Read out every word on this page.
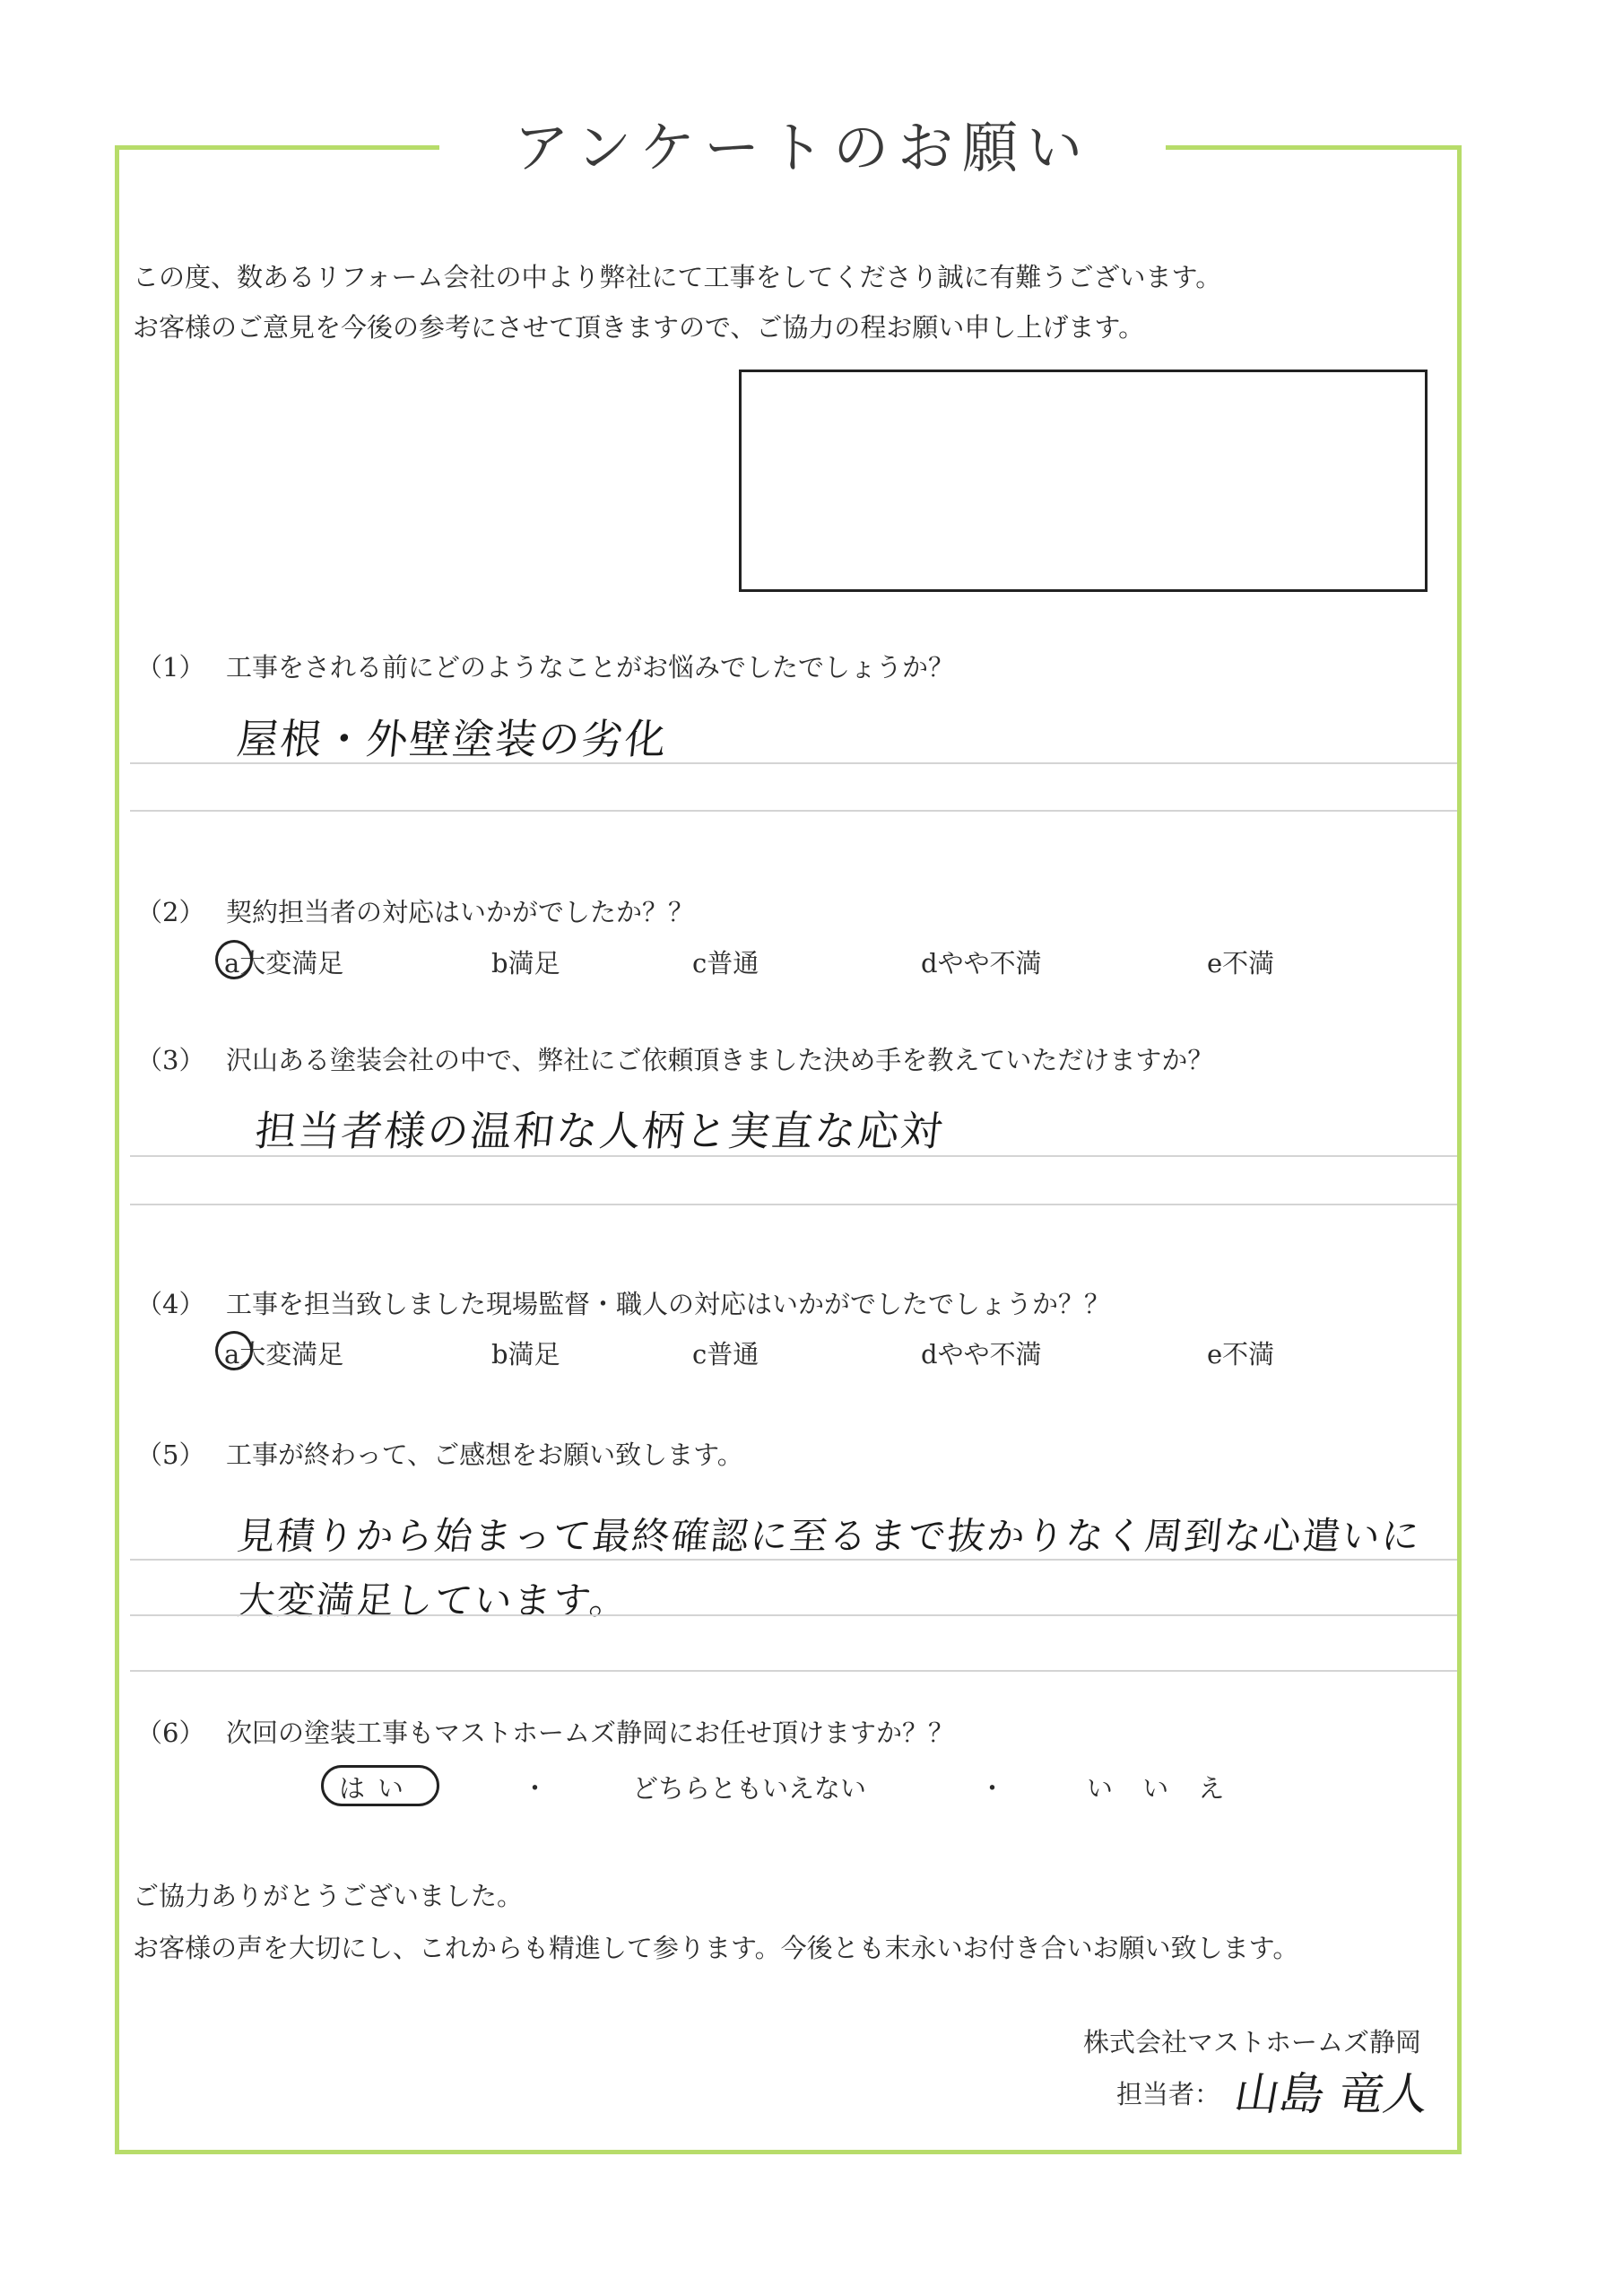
アンケートのお願い
この度、数あるリフォーム会社の中より弊社にて工事をしてくださり誠に有難うございます。
お客様のご意見を今後の参考にさせて頂きますので、ご協力の程お願い申し上げます。
（1） 工事をされる前にどのようなことがお悩みでしたでしょうか？
屋根・外壁塗装の劣化
（2） 契約担当者の対応はいかがでしたか？？
a大変満足	b満足	c普通	dやや不満	e不満
（3） 沢山ある塗装会社の中で、弊社にご依頼頂きました決め手を教えていただけますか？
担当者様の温和な人柄と実直な応対
（4） 工事を担当致しました現場監督・職人の対応はいかがでしたでしょうか？？
a大変満足	b満足	c普通	dやや不満	e不満
（5） 工事が終わって、ご感想をお願い致します。
見積りから始まって最終確認に至るまで抜かりなく周到な心遣いに
大変満足しています。
（6） 次回の塗装工事もマストホームズ静岡にお任せ頂けますか？？
はい	・	どちらともいえない	・	い い え
ご協力ありがとうございました。
お客様の声を大切にし、これからも精進して参ります。今後とも末永いお付き合いお願い致します。
株式会社マストホームズ静岡
担当者： 山島 竜人
